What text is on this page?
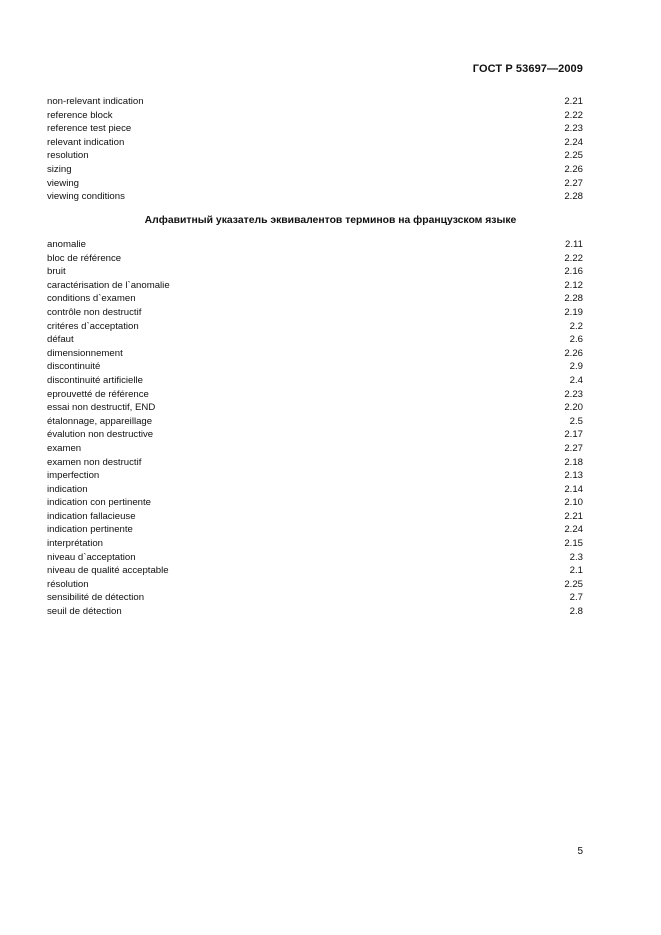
ГОСТ Р 53697—2009
non-relevant indication	2.21
reference block	2.22
reference test piece	2.23
relevant indication	2.24
resolution	2.25
sizing	2.26
viewing	2.27
viewing conditions	2.28
Алфавитный указатель эквивалентов терминов на французском языке
anomalie	2.11
bloc de référence	2.22
bruit	2.16
caractérisation de l`anomalie	2.12
conditions d`examen	2.28
contrôle non destructif	2.19
critéres d`acceptation	2.2
défaut	2.6
dimensionnement	2.26
discontinuité	2.9
discontinuité artificielle	2.4
eprouvetté de référence	2.23
essai non destructif, END	2.20
étalonnage, appareillage	2.5
évalution non destructive	2.17
examen	2.27
examen non destructif	2.18
imperfection	2.13
indication	2.14
indication con pertinente	2.10
indication fallacieuse	2.21
indication pertinente	2.24
interprétation	2.15
niveau d`acceptation	2.3
niveau de qualité acceptable	2.1
résolution	2.25
sensibilité de détection	2.7
seuil de détection	2.8
5
